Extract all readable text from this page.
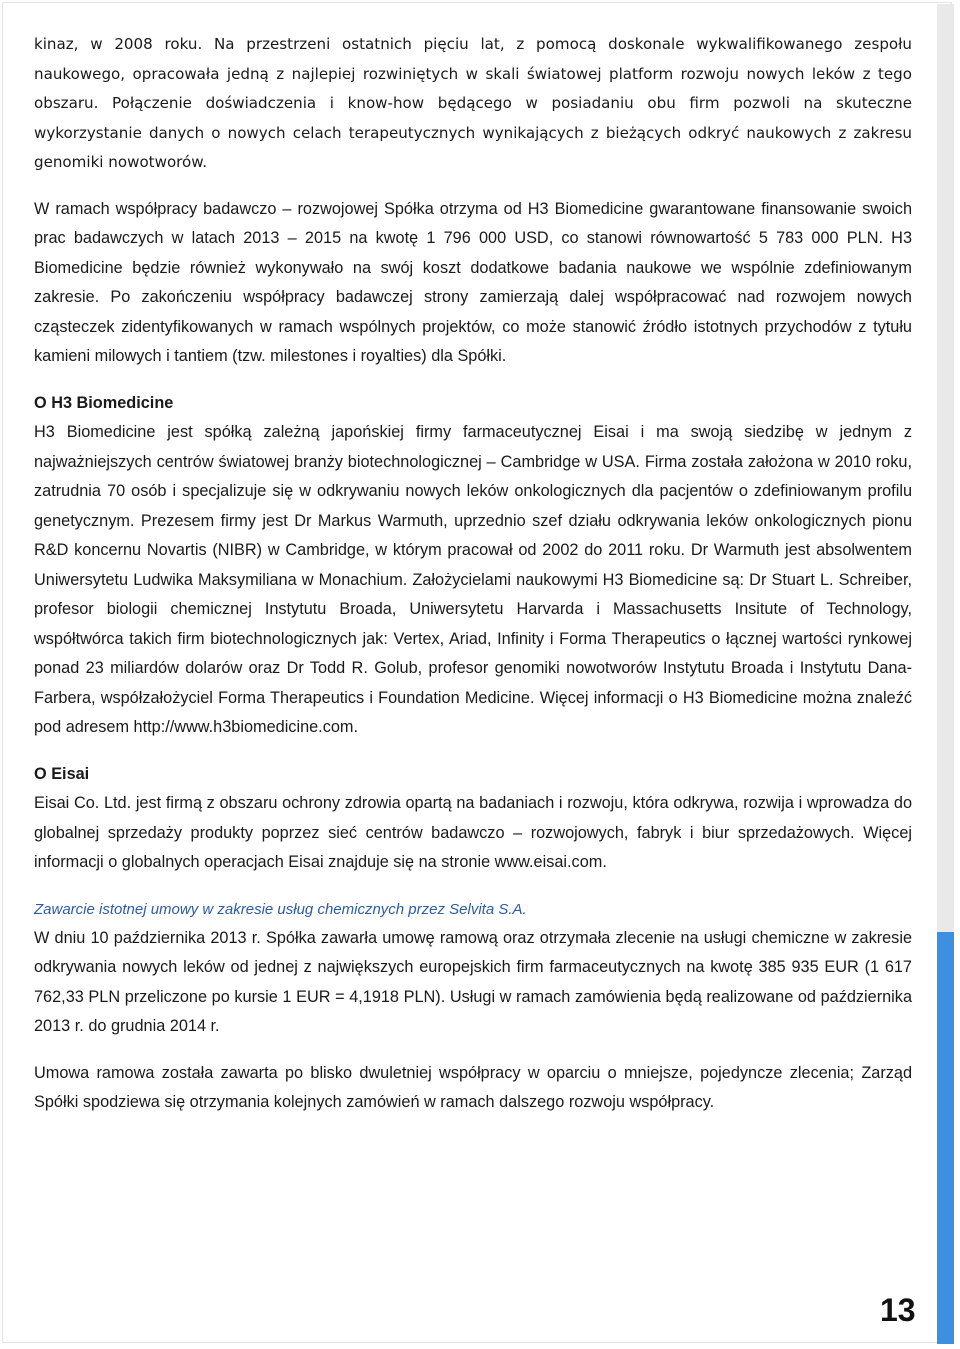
kinaz, w 2008 roku. Na przestrzeni ostatnich pięciu lat, z pomocą doskonale wykwalifikowanego zespołu naukowego, opracowała jedną z najlepiej rozwiniętych w skali światowej platform rozwoju nowych leków z tego obszaru. Połączenie doświadczenia i know-how będącego w posiadaniu obu firm pozwoli na skuteczne wykorzystanie danych o nowych celach terapeutycznych wynikających z bieżących odkryć naukowych z zakresu genomiki nowotworów.

W ramach współpracy badawczo – rozwojowej Spółka otrzyma od H3 Biomedicine gwarantowane finansowanie swoich prac badawczych w latach 2013 – 2015 na kwotę 1 796 000 USD, co stanowi równowartość 5 783 000 PLN. H3 Biomedicine będzie również wykonywało na swój koszt dodatkowe badania naukowe we wspólnie zdefiniowanym zakresie. Po zakończeniu współpracy badawczej strony zamierzają dalej współpracować nad rozwojem nowych cząsteczek zidentyfikowanych w ramach wspólnych projektów, co może stanowić źródło istotnych przychodów z tytułu kamieni milowych i tantiem (tzw. milestones i royalties) dla Spółki.

O H3 Biomedicine

H3 Biomedicine jest spółką zależną japońskiej firmy farmaceutycznej Eisai i ma swoją siedzibę w jednym z najważniejszych centrów światowej branży biotechnologicznej – Cambridge w USA. Firma została założona w 2010 roku, zatrudnia 70 osób i specjalizuje się w odkrywaniu nowych leków onkologicznych dla pacjentów o zdefiniowanym profilu genetycznym. Prezesem firmy jest Dr Markus Warmuth, uprzednio szef działu odkrywania leków onkologicznych pionu R&D koncernu Novartis (NIBR) w Cambridge, w którym pracował od 2002 do 2011 roku. Dr Warmuth jest absolwentem Uniwersytetu Ludwika Maksymiliana w Monachium. Założycielami naukowymi H3 Biomedicine są: Dr Stuart L. Schreiber, profesor biologii chemicznej Instytutu Broada, Uniwersytetu Harvarda i Massachusetts Insitute of Technology, współtwórca takich firm biotechnologicznych jak: Vertex, Ariad, Infinity i Forma Therapeutics o łącznej wartości rynkowej ponad 23 miliardów dolarów oraz Dr Todd R. Golub, profesor genomiki nowotworów Instytutu Broada i Instytutu Dana-Farbera, współzałożyciel Forma Therapeutics i Foundation Medicine. Więcej informacji o H3 Biomedicine można znaleźć pod adresem http://www.h3biomedicine.com.

O Eisai

Eisai Co. Ltd. jest firmą z obszaru ochrony zdrowia opartą na badaniach i rozwoju, która odkrywa, rozwija i wprowadza do globalnej sprzedaży produkty poprzez sieć centrów badawczo – rozwojowych, fabryk i biur sprzedażowych. Więcej informacji o globalnych operacjach Eisai znajduje się na stronie www.eisai.com.

Zawarcie istotnej umowy w zakresie usług chemicznych przez Selvita S.A.

W dniu 10 października 2013 r. Spółka zawarła umowę ramową oraz otrzymała zlecenie na usługi chemiczne w zakresie odkrywania nowych leków od jednej z największych europejskich firm farmaceutycznych na kwotę 385 935 EUR (1 617 762,33 PLN przeliczone po kursie 1 EUR = 4,1918 PLN). Usługi w ramach zamówienia będą realizowane od października 2013 r. do grudnia 2014 r.

Umowa ramowa została zawarta po blisko dwuletniej współpracy w oparciu o mniejsze, pojedyncze zlecenia; Zarząd Spółki spodziewa się otrzymania kolejnych zamówień w ramach dalszego rozwoju współpracy.

13
